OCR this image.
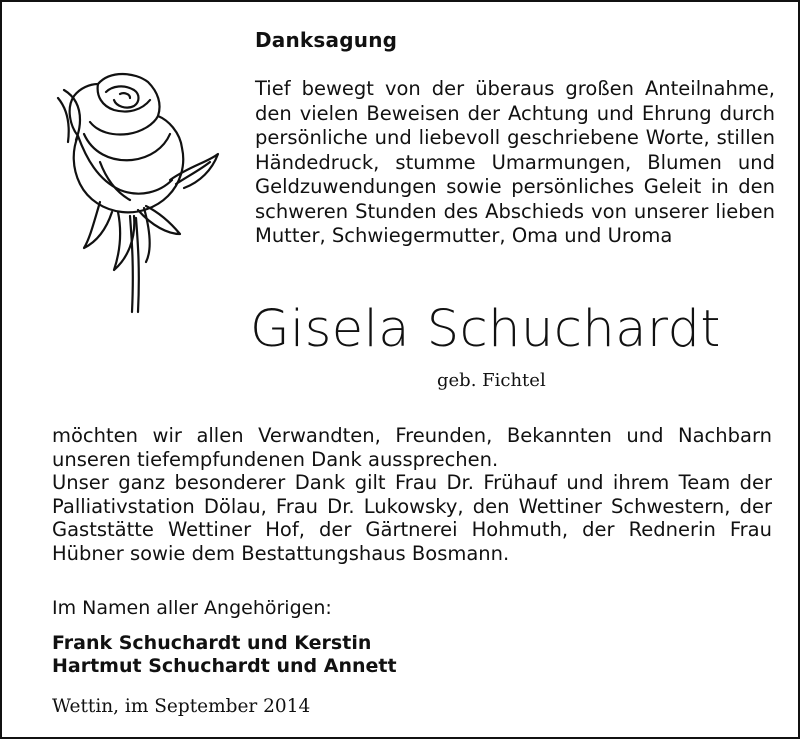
Danksagung

Tief bewegt von der überaus großen Anteilnahme, den vielen Beweisen der Achtung und Ehrung durch persönliche und liebevoll geschriebene Worte, stillen Händedruck, stumme Umarmungen, Blumen und Geldzuwendungen sowie persönliches Geleit in den schweren Stunden des Abschieds von unserer lieben Mutter, Schwiegermutter, Oma und Uroma

Gisela Schuchardt
geb. Fichtel

möchten wir allen Verwandten, Freunden, Bekannten und Nachbarn unseren tiefempfundenen Dank aussprechen.

Unser ganz besonderer Dank gilt Frau Dr. Frühauf und ihrem Team der Palliativstation Dölau, Frau Dr. Lukowsky, den Wettiner Schwestern, der Gaststätte Wettiner Hof, der Gärtnerei Hohmuth, der Rednerin Frau Hübner sowie dem Bestattungshaus Bosmann.

Im Namen aller Angehörigen:
Frank Schuchardt und Kerstin
Hartmut Schuchardt und Annett
Wettin, im September 2014
